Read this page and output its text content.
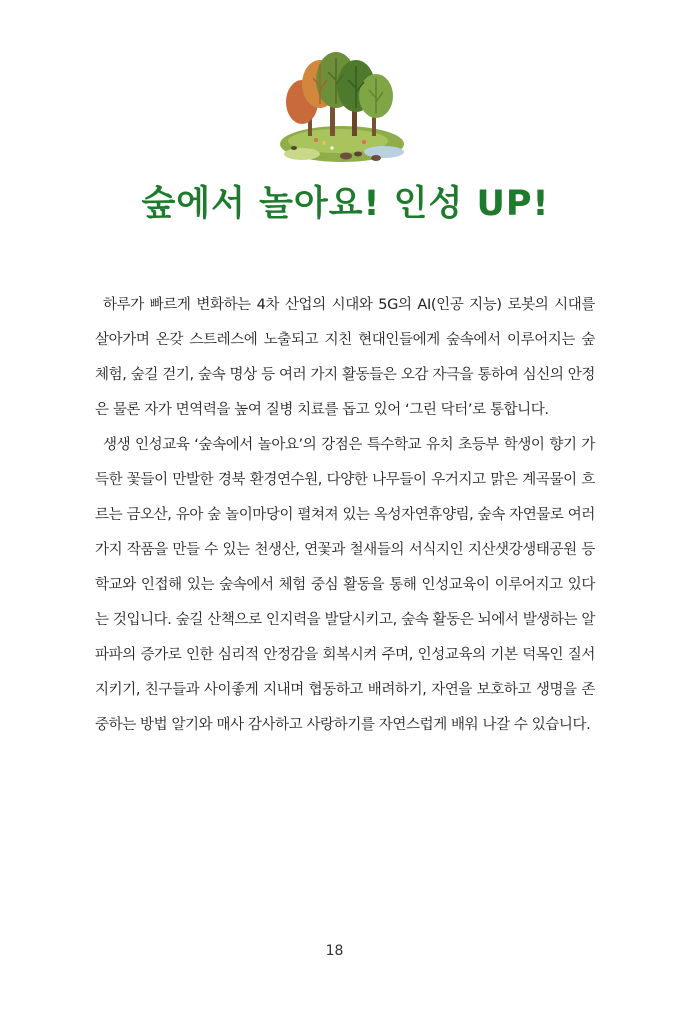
숲에서 놀아요! 인성 UP!

하루가 빠르게 변화하는 4차 산업의 시대와 5G의 AI(인공 지능) 로봇의 시대를 살아가며 온갖 스트레스에 노출되고 지친 현대인들에게 숲속에서 이루어지는 숲 체험, 숲길 걷기, 숲속 명상 등 여러 가지 활동들은 오감 자극을 통하여 심신의 안정은 물론 자가 면역력을 높여 질병 치료를 돕고 있어 ‘그린 닥터’로 통합니다.

생생 인성교육 ‘숲속에서 놀아요’의 강점은 특수학교 유치 초등부 학생이 향기 가득한 꽃들이 만발한 경북 환경연수원, 다양한 나무들이 우거지고 맑은 계곡물이 흐르는 금오산, 유아 숲 놀이마당이 펼쳐져 있는 옥성자연휴양림, 숲속 자연물로 여러 가지 작품을 만들 수 있는 천생산, 연꽃과 철새들의 서식지인 지산샛강생태공원 등 학교와 인접해 있는 숲속에서 체험 중심 활동을 통해 인성교육이 이루어지고 있다는 것입니다. 숲길 산책으로 인지력을 발달시키고, 숲속 활동은 뇌에서 발생하는 알파파의 증가로 인한 심리적 안정감을 회복시켜 주며, 인성교육의 기본 덕목인 질서 지키기, 친구들과 사이좋게 지내며 협동하고 배려하기, 자연을 보호하고 생명을 존중하는 방법 알기와 매사 감사하고 사랑하기를 자연스럽게 배워 나갈 수 있습니다.

18
